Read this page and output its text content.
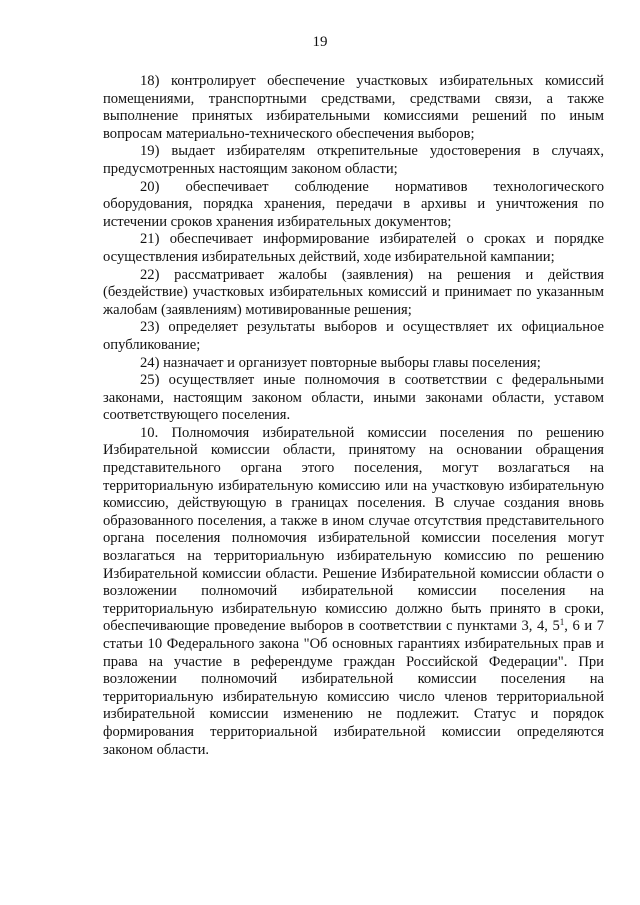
19

18) контролирует обеспечение участковых избирательных комиссий помещениями, транспортными средствами, средствами связи, а также выполнение принятых избирательными комиссиями решений по иным вопросам материально-технического обеспечения выборов;

19) выдает избирателям открепительные удостоверения в случаях, предусмотренных настоящим законом области;

20) обеспечивает соблюдение нормативов технологического оборудования, порядка хранения, передачи в архивы и уничтожения по истечении сроков хранения избирательных документов;

21) обеспечивает информирование избирателей о сроках и порядке осуществления избирательных действий, ходе избирательной кампании;

22) рассматривает жалобы (заявления) на решения и действия (бездействие) участковых избирательных комиссий и принимает по указанным жалобам (заявлениям) мотивированные решения;

23) определяет результаты выборов и осуществляет их официальное опубликование;

24) назначает и организует повторные выборы главы поселения;

25) осуществляет иные полномочия в соответствии с федеральными законами, настоящим законом области, иными законами области, уставом соответствующего поселения.

10. Полномочия избирательной комиссии поселения по решению Избирательной комиссии области, принятому на основании обращения представительного органа этого поселения, могут возлагаться на территориальную избирательную комиссию или на участковую избирательную комиссию, действующую в границах поселения. В случае создания вновь образованного поселения, а также в ином случае отсутствия представительного органа поселения полномочия избирательной комиссии поселения могут возлагаться на территориальную избирательную комиссию по решению Избирательной комиссии области. Решение Избирательной комиссии области о возложении полномочий избирательной комиссии поселения на территориальную избирательную комиссию должно быть принято в сроки, обеспечивающие проведение выборов в соответствии с пунктами 3, 4, $5^1$, 6 и 7 статьи 10 Федерального закона "Об основных гарантиях избирательных прав и права на участие в референдуме граждан Российской Федерации". При возложении полномочий избирательной комиссии поселения на территориальную избирательную комиссию число членов территориальной избирательной комиссии изменению не подлежит. Статус и порядок формирования территориальной избирательной комиссии определяются законом области.
